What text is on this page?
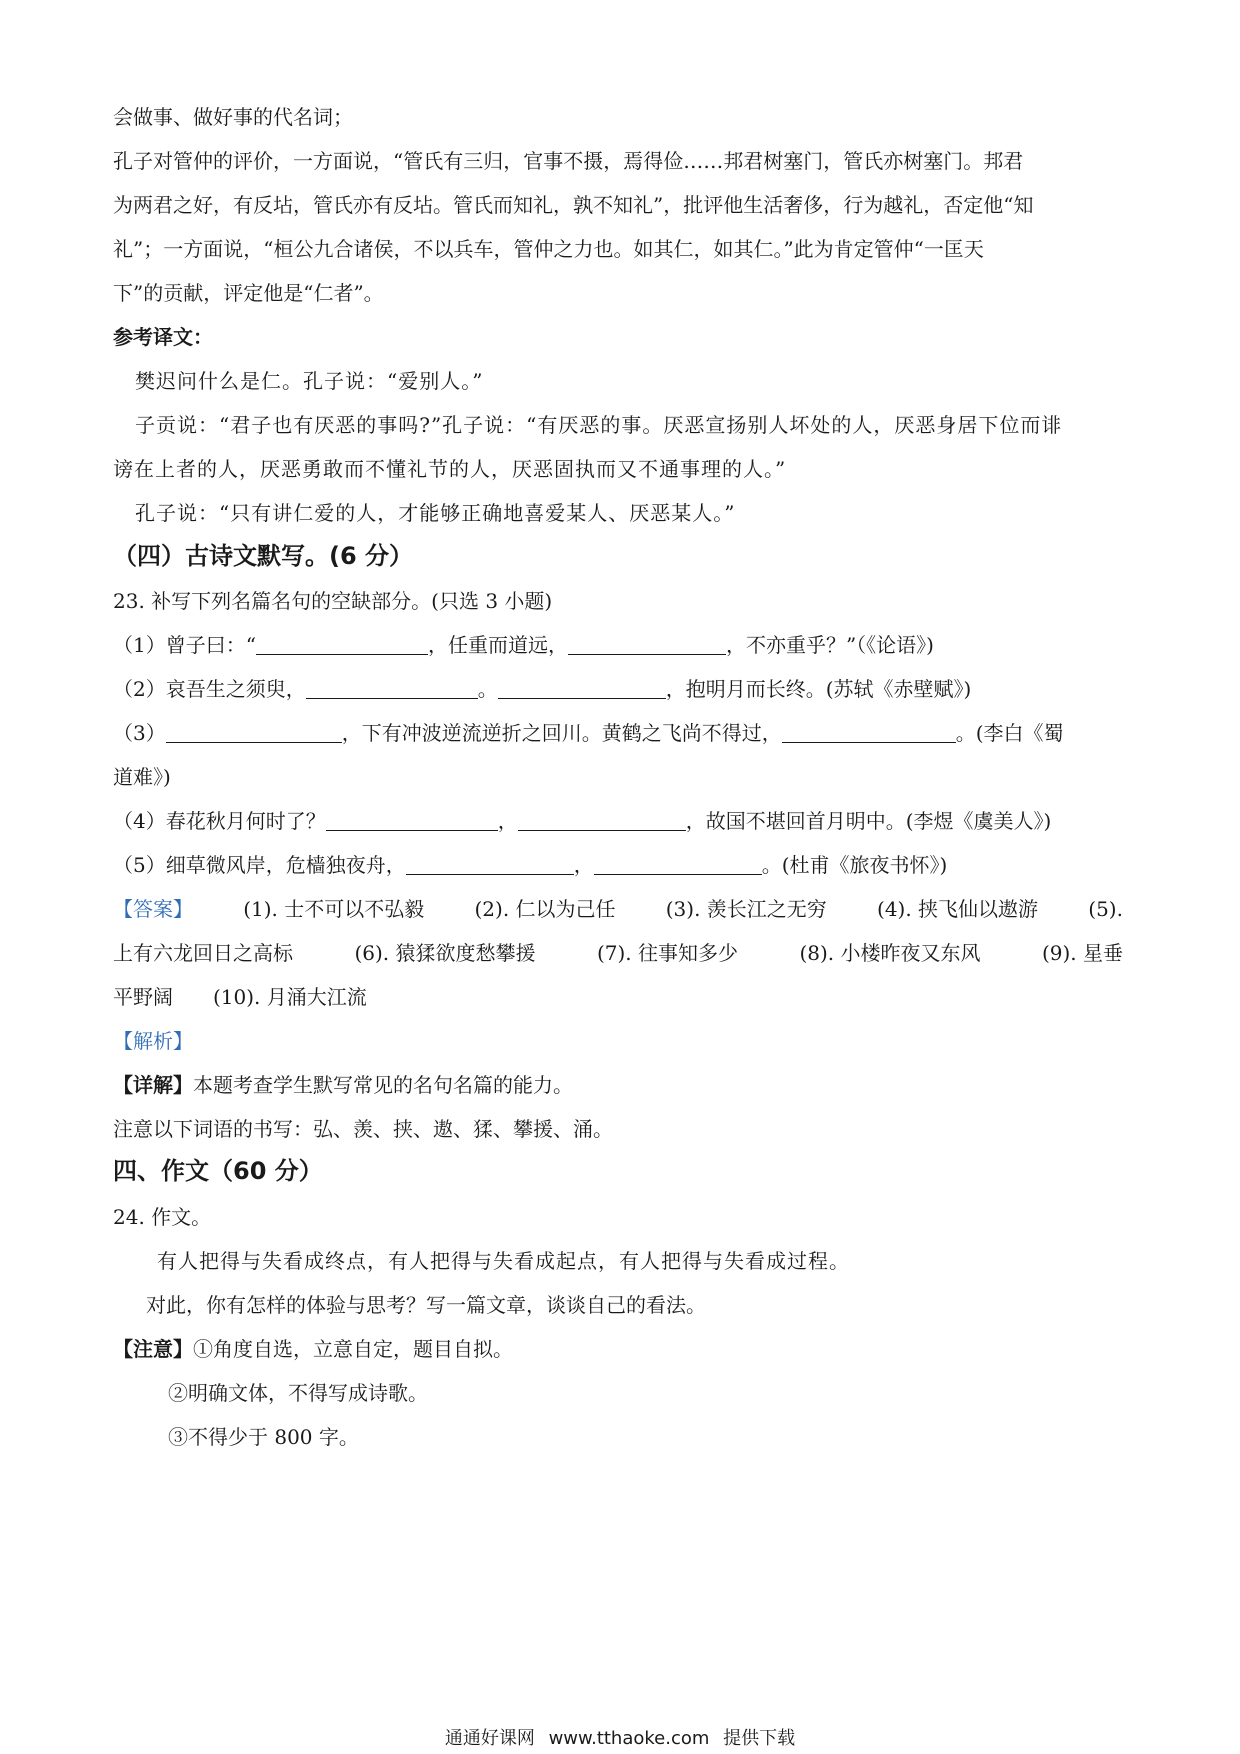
会做事、做好事的代名词；
孔子对管仲的评价，一方面说，“管氏有三归，官事不摄，焉得俭……邦君树塞门，管氏亦树塞门。邦君
为两君之好，有反坫，管氏亦有反坫。管氏而知礼，孰不知礼”，批评他生活奢侈，行为越礼，否定他“知
礼”；一方面说，“桓公九合诸侯，不以兵车，管仲之力也。如其仁，如其仁。”此为肯定管仲“一匡天
下”的贡献，评定他是“仁者”。
参考译文：
樊迟问什么是仁。孔子说：“爱别人。”
子贡说：“君子也有厌恶的事吗?”孔子说：“有厌恶的事。厌恶宣扬别人坏处的人，厌恶身居下位而诽
谤在上者的人，厌恶勇敢而不懂礼节的人，厌恶固执而又不通事理的人。”
孔子说：“只有讲仁爱的人，才能够正确地喜爱某人、厌恶某人。”
（四）古诗文默写。(6 分）
23. 补写下列名篇名句的空缺部分。(只选 3 小题)
（1）曾子曰：“	，任重而道远，	，不亦重乎？”（《论语》)
（2）哀吾生之须臾，	。	，抱明月而长终。(苏轼《赤壁赋》)
（3）	，下有冲波逆流逆折之回川。黄鹤之飞尚不得过，	。(李白《蜀
道难》)
（4）春花秋月何时了？	，	，故国不堪回首月明中。(李煜《虞美人》)
（5）细草微风岸，危樯独夜舟，	，	。(杜甫《旅夜书怀》)
【答案】	(1). 士不可以不弘毅	(2). 仁以为己任	(3). 羡长江之无穷	(4). 挟飞仙以遨游	(5).
上有六龙回日之高标	(6). 猿猱欲度愁攀援	(7). 往事知多少	(8). 小楼昨夜又东风	(9). 星垂
平野阔 (10). 月涌大江流
【解析】
【详解】本题考查学生默写常见的名句名篇的能力。
注意以下词语的书写：弘、羡、挟、遨、猱、攀援、涌。
四、作文（60 分）
24. 作文。
有人把得与失看成终点，有人把得与失看成起点，有人把得与失看成过程。
对此，你有怎样的体验与思考？写一篇文章，谈谈自己的看法。
【注意】①角度自选，立意自定，题目自拟。
②明确文体，不得写成诗歌。
③不得少于 800 字。
通通好课网 www.tthaoke.com 提供下载
